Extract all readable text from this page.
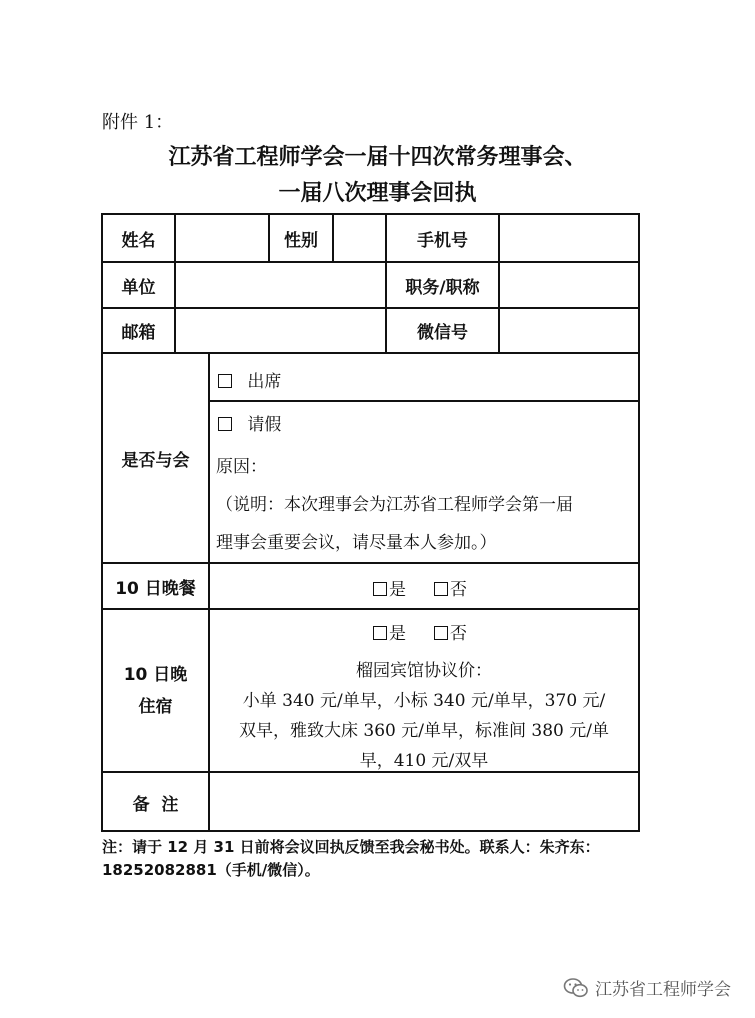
附件 1：
江苏省工程师学会一届十四次常务理事会、
一届八次理事会回执
姓名	性别	手机号
单位	职务/职称
邮箱	微信号
是否与会
出席
请假
原因：
（说明：本次理事会为江苏省工程师学会第一届
理事会重要会议，请尽量本人参加。）
10 日晚餐	是	否
10 日晚
住宿
是	否
榴园宾馆协议价：
小单 340 元/单早，小标 340 元/单早，370 元/
双早，雅致大床 360 元/单早，标准间 380 元/单
早，410 元/双早
备  注
注：请于 12 月 31 日前将会议回执反馈至我会秘书处。联系人：朱齐东：
18252082881（手机/微信）。
江苏省工程师学会
